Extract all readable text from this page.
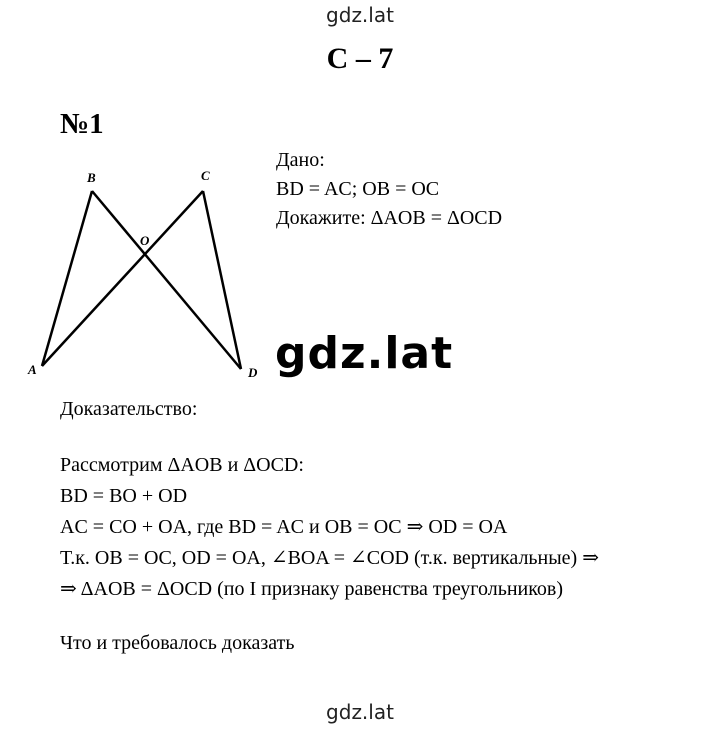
gdz.lat
С – 7
№1
B	C
O
A	D
Дано:
BD = AC; OB = OC
Докажите: ΔAOB = ΔOCD
gdz.lat
Доказательство:
Рассмотрим ΔAOB и ΔOCD:
BD = BO + OD
AC = CO + OA, где BD = AC и OB = OC ⇒ OD = OA
Т.к. OB = OC, OD = OA, ∠BOA = ∠COD (т.к. вертикальные) ⇒
⇒ ΔAOB = ΔOCD (по I признаку равенства треугольников)
Что и требовалось доказать
gdz.lat
